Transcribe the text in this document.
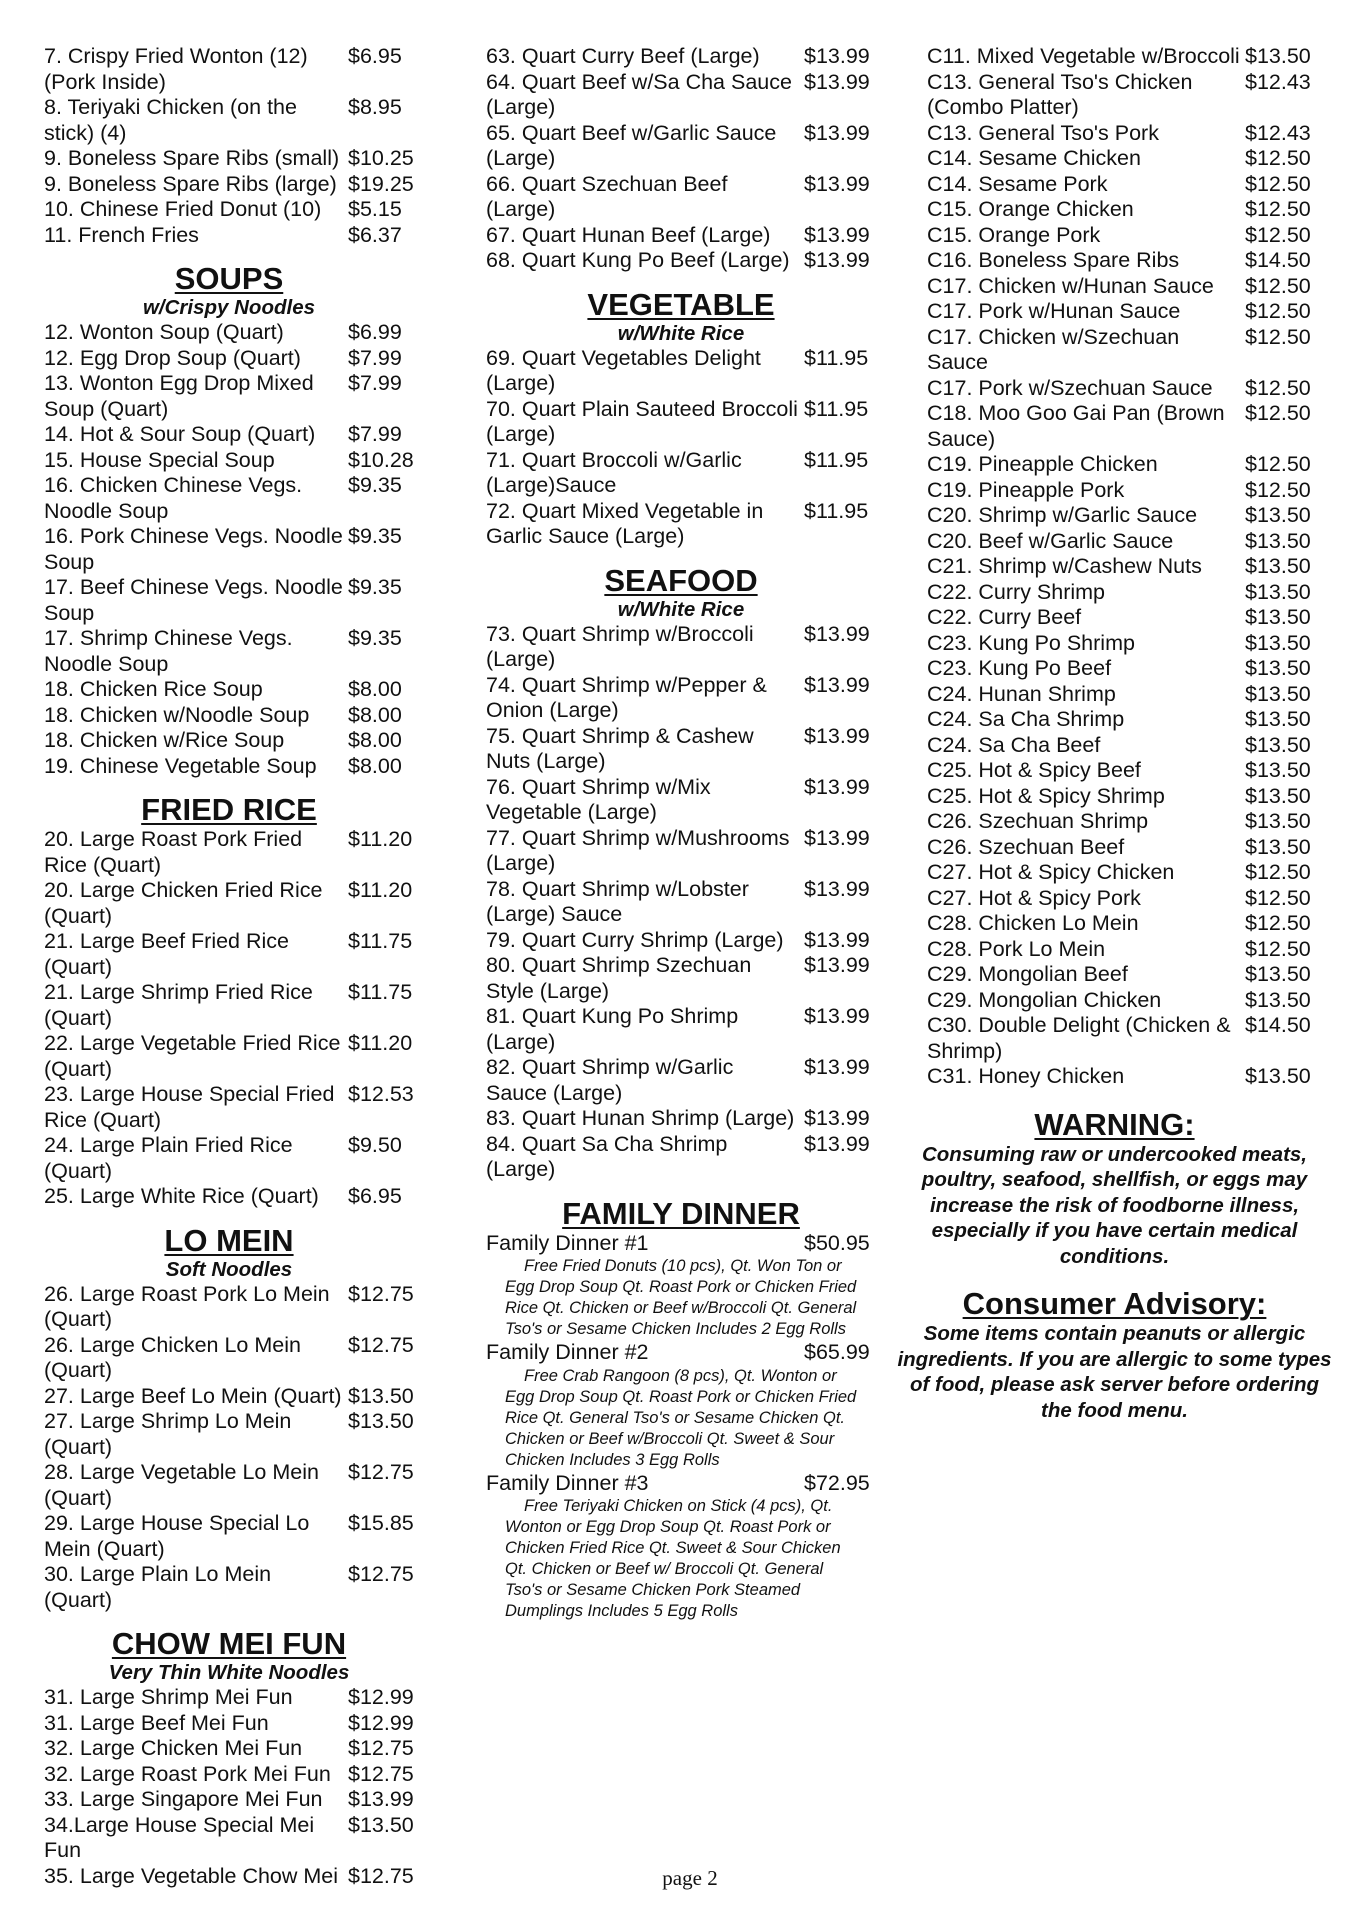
7. Crispy Fried Wonton (12) (Pork Inside)
$6.95
8. Teriyaki Chicken (on the stick) (4)
$8.95
9. Boneless Spare Ribs (small) $10.25
9. Boneless Spare Ribs (large) $19.25
10. Chinese Fried Donut (10)	$5.15
11. French Fries	$6.37
SOUPS
w/Crispy Noodles
12. Wonton Soup (Quart)	$6.99
12. Egg Drop Soup (Quart)	$7.99
13. Wonton Egg Drop Mixed Soup (Quart)
$7.99
14. Hot & Sour Soup (Quart)	$7.99
15. House Special Soup	$10.28
16. Chicken Chinese Vegs. Noodle Soup
$9.35
16. Pork Chinese Vegs. Noodle Soup
$9.35
17. Beef Chinese Vegs. Noodle Soup
$9.35
17. Shrimp Chinese Vegs. Noodle Soup
$9.35
18. Chicken Rice Soup	$8.00
18. Chicken w/Noodle Soup	$8.00
18. Chicken w/Rice Soup	$8.00
19. Chinese Vegetable Soup	$8.00
FRIED RICE
20. Large Roast Pork Fried Rice (Quart)
$11.20
20. Large Chicken Fried Rice (Quart)
$11.20
21. Large Beef Fried Rice (Quart)
$11.75
21. Large Shrimp Fried Rice (Quart)
$11.75
22. Large Vegetable Fried Rice (Quart)
$11.20
23. Large House Special Fried Rice (Quart)
$12.53
24. Large Plain Fried Rice (Quart)
$9.50
25. Large White Rice (Quart)	$6.95
LO MEIN
Soft Noodles
26. Large Roast Pork Lo Mein (Quart)
$12.75
26. Large Chicken Lo Mein (Quart)
$12.75
27. Large Beef Lo Mein (Quart) $13.50
27. Large Shrimp Lo Mein (Quart)
$13.50
28. Large Vegetable Lo Mein (Quart)
$12.75
29. Large House Special Lo Mein (Quart)
$15.85
30. Large Plain Lo Mein (Quart)
$12.75
CHOW MEI FUN
Very Thin White Noodles
31. Large Shrimp Mei Fun	$12.99
31. Large Beef Mei Fun	$12.99
32. Large Chicken Mei Fun	$12.75
32. Large Roast Pork Mei Fun $12.75
33. Large Singapore Mei Fun	$13.99
34.Large House Special Mei Fun
$13.50
35. Large Vegetable Chow Mei $12.75
63. Quart Curry Beef (Large)	$13.99
64. Quart Beef w/Sa Cha Sauce (Large)
$13.99
65. Quart Beef w/Garlic Sauce (Large)
$13.99
66. Quart Szechuan Beef (Large)
$13.99
67. Quart Hunan Beef (Large)	$13.99
68. Quart Kung Po Beef (Large) $13.99
VEGETABLE
w/White Rice
69. Quart Vegetables Delight (Large)
$11.95
70. Quart Plain Sauteed Broccoli (Large)
$11.95
71. Quart Broccoli w/Garlic (Large)Sauce
$11.95
72. Quart Mixed Vegetable in Garlic Sauce (Large)
$11.95
SEAFOOD
w/White Rice
73. Quart Shrimp w/Broccoli (Large)
$13.99
74. Quart Shrimp w/Pepper & Onion (Large)
$13.99
75. Quart Shrimp & Cashew Nuts (Large)
$13.99
76. Quart Shrimp w/Mix Vegetable (Large)
$13.99
77. Quart Shrimp w/Mushrooms (Large)
$13.99
78. Quart Shrimp w/Lobster (Large) Sauce
$13.99
79. Quart Curry Shrimp (Large) $13.99
80. Quart Shrimp Szechuan Style (Large)
$13.99
81. Quart Kung Po Shrimp (Large)
$13.99
82. Quart Shrimp w/Garlic Sauce (Large)
$13.99
83. Quart Hunan Shrimp (Large) $13.99
84. Quart Sa Cha Shrimp (Large)
$13.99
FAMILY DINNER
Family Dinner #1	$50.95
Free Fried Donuts (10 pcs), Qt. Won Ton or Egg Drop Soup Qt. Roast Pork or Chicken Fried Rice Qt. Chicken or Beef w/Broccoli Qt. General Tso's or Sesame Chicken Includes 2 Egg Rolls
Family Dinner #2	$65.99
Free Crab Rangoon (8 pcs), Qt. Wonton or Egg Drop Soup Qt. Roast Pork or Chicken Fried Rice Qt. General Tso's or Sesame Chicken Qt. Chicken or Beef w/Broccoli Qt. Sweet & Sour Chicken Includes 3 Egg Rolls
Family Dinner #3	$72.95
Free Teriyaki Chicken on Stick (4 pcs), Qt. Wonton or Egg Drop Soup Qt. Roast Pork or Chicken Fried Rice Qt. Sweet & Sour Chicken Qt. Chicken or Beef w/ Broccoli Qt. General Tso's or Sesame Chicken Pork Steamed Dumplings Includes 5 Egg Rolls
C11. Mixed Vegetable w/Broccoli $13.50
C13. General Tso's Chicken (Combo Platter)
$12.43
C13. General Tso's Pork	$12.43
C14. Sesame Chicken	$12.50
C14. Sesame Pork	$12.50
C15. Orange Chicken	$12.50
C15. Orange Pork	$12.50
C16. Boneless Spare Ribs	$14.50
C17. Chicken w/Hunan Sauce	$12.50
C17. Pork w/Hunan Sauce	$12.50
C17. Chicken w/Szechuan Sauce
$12.50
C17. Pork w/Szechuan Sauce	$12.50
C18. Moo Goo Gai Pan (Brown Sauce)
$12.50
C19. Pineapple Chicken	$12.50
C19. Pineapple Pork	$12.50
C20. Shrimp w/Garlic Sauce	$13.50
C20. Beef w/Garlic Sauce	$13.50
C21. Shrimp w/Cashew Nuts	$13.50
C22. Curry Shrimp	$13.50
C22. Curry Beef	$13.50
C23. Kung Po Shrimp	$13.50
C23. Kung Po Beef	$13.50
C24. Hunan Shrimp	$13.50
C24. Sa Cha Shrimp	$13.50
C24. Sa Cha Beef	$13.50
C25. Hot & Spicy Beef	$13.50
C25. Hot & Spicy Shrimp	$13.50
C26. Szechuan Shrimp	$13.50
C26. Szechuan Beef	$13.50
C27. Hot & Spicy Chicken	$12.50
C27. Hot & Spicy Pork	$12.50
C28. Chicken Lo Mein	$12.50
C28. Pork Lo Mein	$12.50
C29. Mongolian Beef	$13.50
C29. Mongolian Chicken	$13.50
C30. Double Delight (Chicken & Shrimp)
$14.50
C31. Honey Chicken	$13.50
WARNING:
Consuming raw or undercooked meats, poultry, seafood, shellfish, or eggs may increase the risk of foodborne illness, especially if you have certain medical conditions.
Consumer Advisory:
Some items contain peanuts or allergic ingredients. If you are allergic to some types of food, please ask server before ordering the food menu.
page 2
